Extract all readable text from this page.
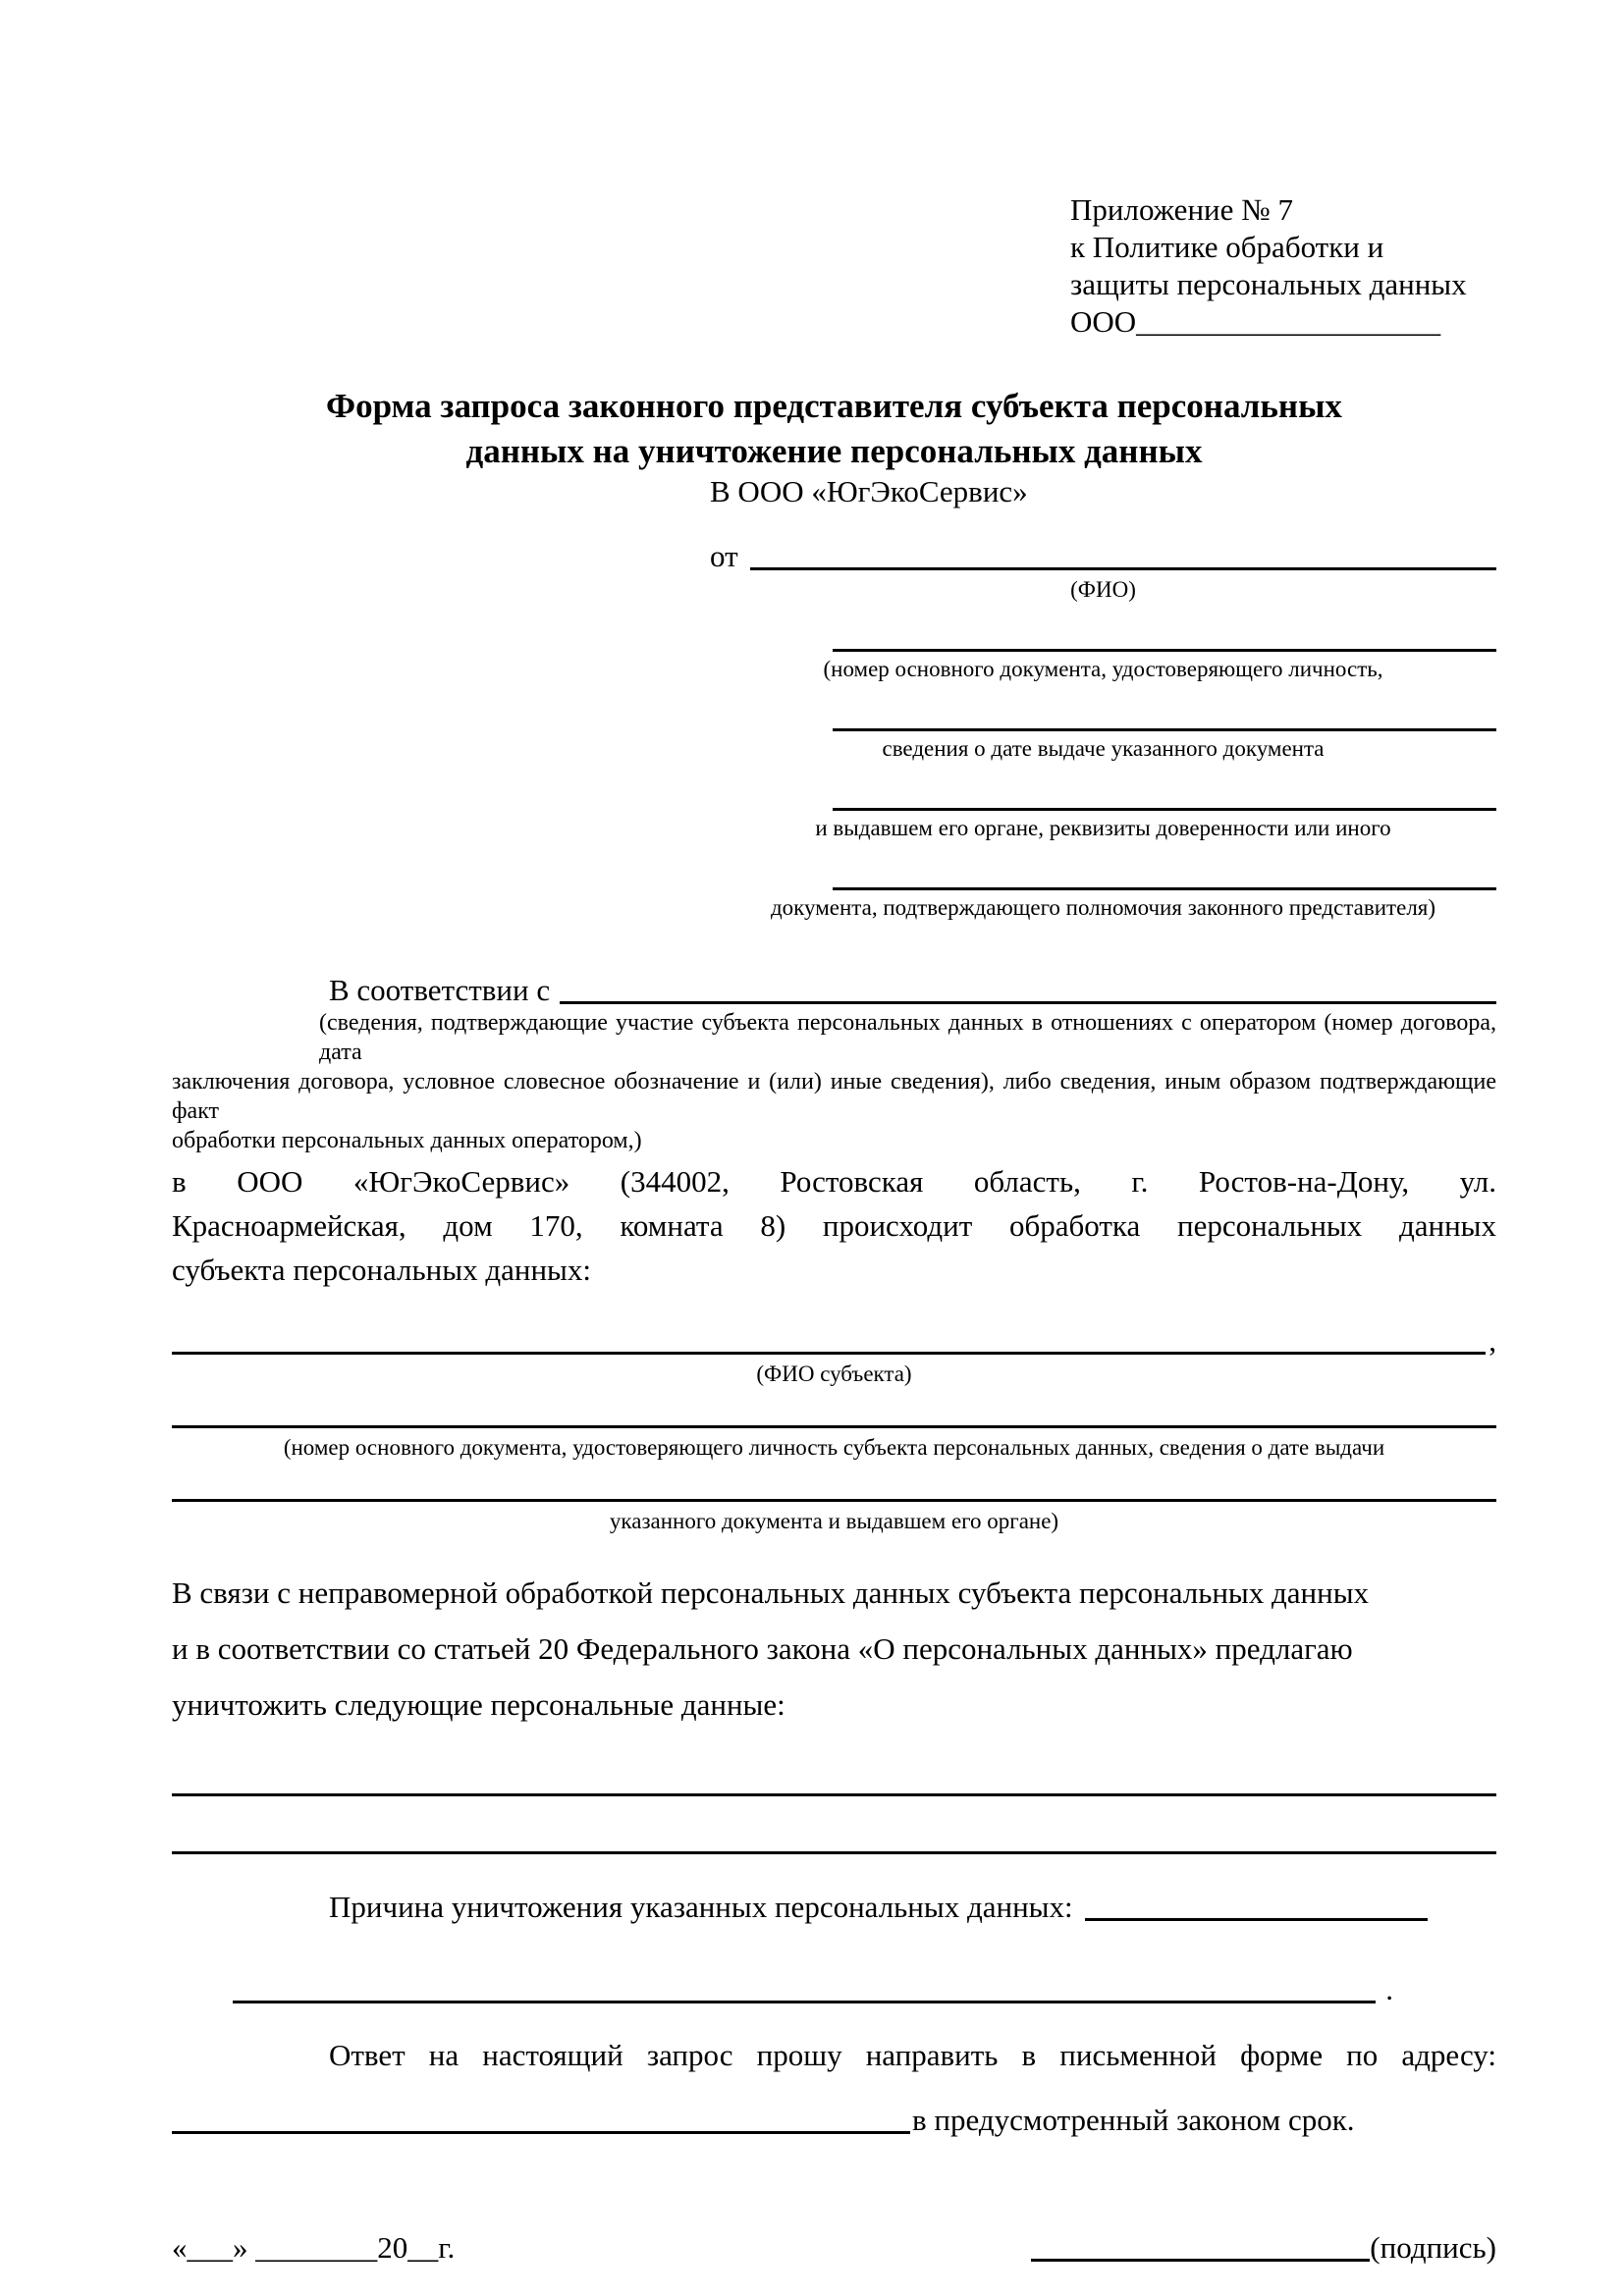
Приложение № 7
к Политике обработки и
защиты персональных данных
ООО____________________
Форма запроса законного представителя субъекта персональных
данных на уничтожение персональных данных
В ООО «ЮгЭкоСервис»
от
(ФИО)
(номер основного документа, удостоверяющего личность,
сведения о дате выдаче указанного документа
и выдавшем его органе, реквизиты доверенности или иного
документа, подтверждающего полномочия законного представителя)
В соответствии с
(сведения, подтверждающие участие субъекта персональных данных в отношениях с оператором (номер договора, дата
заключения договора, условное словесное обозначение и (или) иные сведения), либо сведения, иным образом подтверждающие факт
обработки персональных данных оператором,)
в ООО «ЮгЭкоСервис» (344002, Ростовская область, г. Ростов-на-Дону, ул.
Красноармейская, дом 170, комната 8) происходит обработка персональных данных
субъекта персональных данных:
,
(ФИО субъекта)
(номер основного документа, удостоверяющего личность субъекта персональных данных, сведения о дате выдачи
указанного документа и выдавшем его органе)
В связи с неправомерной обработкой персональных данных субъекта персональных данных
и в соответствии со статьей 20 Федерального закона «О персональных данных» предлагаю
уничтожить следующие персональные данные:
Причина уничтожения указанных персональных данных:
.
Ответ на настоящий запрос прошу направить в письменной форме по адресу:
в предусмотренный законом срок.
«___» ________20__г.	(подпись)
